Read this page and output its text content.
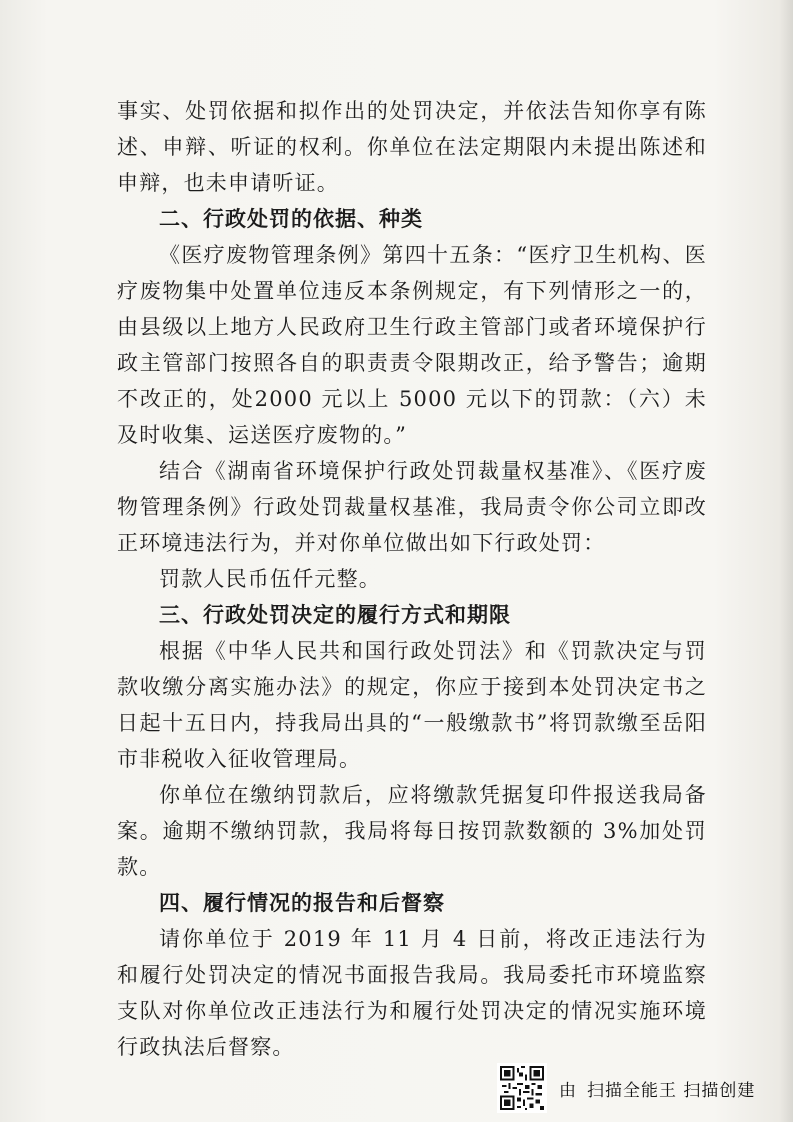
事实、处罚依据和拟作出的处罚决定，并依法告知你享有陈述、申辩、听证的权利。你单位在法定期限内未提出陈述和申辩，也未申请听证。

二、行政处罚的依据、种类

《医疗废物管理条例》第四十五条：“医疗卫生机构、医疗废物集中处置单位违反本条例规定，有下列情形之一的，由县级以上地方人民政府卫生行政主管部门或者环境保护行政主管部门按照各自的职责责令限期改正，给予警告；逾期不改正的，处2000 元以上 5000 元以下的罚款：（六）未及时收集、运送医疗废物的。”

结合《湖南省环境保护行政处罚裁量权基准》、《医疗废物管理条例》行政处罚裁量权基准，我局责令你公司立即改正环境违法行为，并对你单位做出如下行政处罚：

罚款人民币伍仟元整。

三、行政处罚决定的履行方式和期限

根据《中华人民共和国行政处罚法》和《罚款决定与罚款收缴分离实施办法》的规定，你应于接到本处罚决定书之日起十五日内，持我局出具的“一般缴款书”将罚款缴至岳阳市非税收入征收管理局。

你单位在缴纳罚款后，应将缴款凭据复印件报送我局备案。逾期不缴纳罚款，我局将每日按罚款数额的 3%加处罚款。

四、履行情况的报告和后督察

请你单位于 2019 年 11 月 4 日前，将改正违法行为和履行处罚决定的情况书面报告我局。我局委托市环境监察支队对你单位改正违法行为和履行处罚决定的情况实施环境行政执法后督察。

由 扫描全能王 扫描创建
